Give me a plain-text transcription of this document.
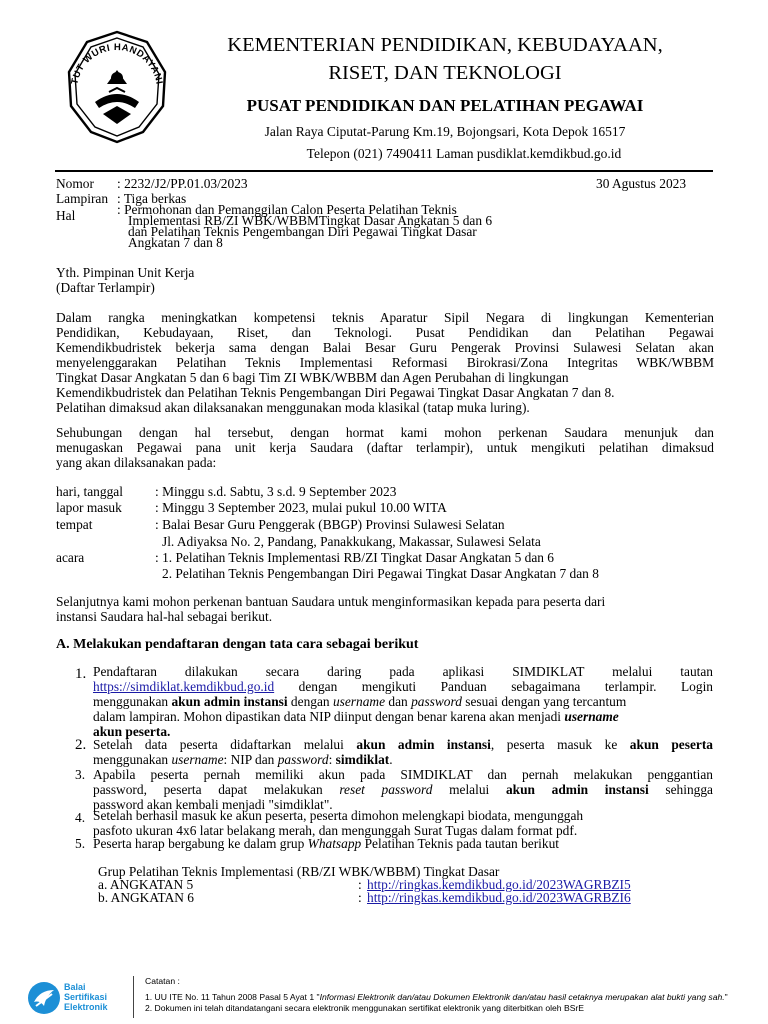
TUT WURI HANDAYANI
KEMENTERIAN PENDIDIKAN, KEBUDAYAAN,
RISET, DAN TEKNOLOGI
PUSAT PENDIDIKAN DAN PELATIHAN PEGAWAI
Jalan Raya Ciputat-Parung Km.19, Bojongsari, Kota Depok 16517
Telepon (021) 7490411 Laman pusdiklat.kemdikbud.go.id
Nomor : 2232/J2/PP.01.03/2023	30 Agustus 2023
Lampiran : Tiga berkas
Hal	: Permohonan dan Pemanggilan Calon Peserta Pelatihan Teknis
Implementasi RB/ZI WBK/WBBMTingkat Dasar Angkatan 5 dan 6
dan Pelatihan Teknis Pengembangan Diri Pegawai Tingkat Dasar
Angkatan 7 dan 8
Yth. Pimpinan Unit Kerja
(Daftar Terlampir)
Dalam rangka meningkatkan kompetensi teknis Aparatur Sipil Negara di lingkungan Kementerian
Pendidikan, Kebudayaan, Riset, dan Teknologi. Pusat Pendidikan dan Pelatihan Pegawai
Kemendikbudristek bekerja sama dengan Balai Besar Guru Pengerak Provinsi Sulawesi Selatan akan
menyelenggarakan Pelatihan Teknis Implementasi Reformasi Birokrasi/Zona Integritas WBK/WBBM
Tingkat Dasar Angkatan 5 dan 6 bagi Tim ZI WBK/WBBM dan Agen Perubahan di lingkungan
Kemendikbudristek dan Pelatihan Teknis Pengembangan Diri Pegawai Tingkat Dasar Angkatan 7 dan 8.
Pelatihan dimaksud akan dilaksanakan menggunakan moda klasikal (tatap muka luring).
Sehubungan dengan hal tersebut, dengan hormat kami mohon perkenan Saudara menunjuk dan
menugaskan Pegawai pana unit kerja Saudara (daftar terlampir), untuk mengikuti pelatihan dimaksud
yang akan dilaksanakan pada:
hari, tanggal : Minggu s.d. Sabtu, 3 s.d. 9 September 2023
lapor masuk : Minggu 3 September 2023, mulai pukul 10.00 WITA
tempat	: Balai Besar Guru Penggerak (BBGP) Provinsi Sulawesi Selatan
Jl. Adiyaksa No. 2, Pandang, Panakkukang, Makassar, Sulawesi Selata
acara	: 1. Pelatihan Teknis Implementasi RB/ZI Tingkat Dasar Angkatan 5 dan 6
2. Pelatihan Teknis Pengembangan Diri Pegawai Tingkat Dasar Angkatan 7 dan 8
Selanjutnya kami mohon perkenan bantuan Saudara untuk menginformasikan kepada para peserta dari
instansi Saudara hal-hal sebagai berikut.
A. Melakukan pendaftaran dengan tata cara sebagai berikut
1. Pendaftaran dilakukan secara daring pada aplikasi SIMDIKLAT melalui tautan
https://simdiklat.kemdikbud.go.id dengan mengikuti Panduan sebagaimana terlampir. Login
menggunakan akun admin instansi dengan username dan password sesuai dengan yang tercantum
dalam lampiran. Mohon dipastikan data NIP diinput dengan benar karena akan menjadi username
akun peserta.
2. Setelah data peserta didaftarkan melalui akun admin instansi, peserta masuk ke akun peserta
menggunakan username: NIP dan password: simdiklat.
3. Apabila peserta pernah memiliki akun pada SIMDIKLAT dan pernah melakukan penggantian
password, peserta dapat melakukan reset password melalui akun admin instansi sehingga
password akan kembali menjadi "simdiklat".
4. Setelah berhasil masuk ke akun peserta, peserta dimohon melengkapi biodata, mengunggah
pasfoto ukuran 4x6 latar belakang merah, dan mengunggah Surat Tugas dalam format pdf.
5. Peserta harap bergabung ke dalam grup Whatsapp Pelatihan Teknis pada tautan berikut
Grup Pelatihan Teknis Implementasi (RB/ZI WBK/WBBM) Tingkat Dasar
a. ANGKATAN 5	: http://ringkas.kemdikbud.go.id/2023WAGRBZI5
b. ANGKATAN 6	: http://ringkas.kemdikbud.go.id/2023WAGRBZI6
Balai
Sertifikasi
Elektronik
Catatan :
1. UU ITE No. 11 Tahun 2008 Pasal 5 Ayat 1 "Informasi Elektronik dan/atau Dokumen Elektronik dan/atau hasil cetaknya merupakan alat bukti yang sah."
2. Dokumen ini telah ditandatangani secara elektronik menggunakan sertifikat elektronik yang diterbitkan oleh BSrE
